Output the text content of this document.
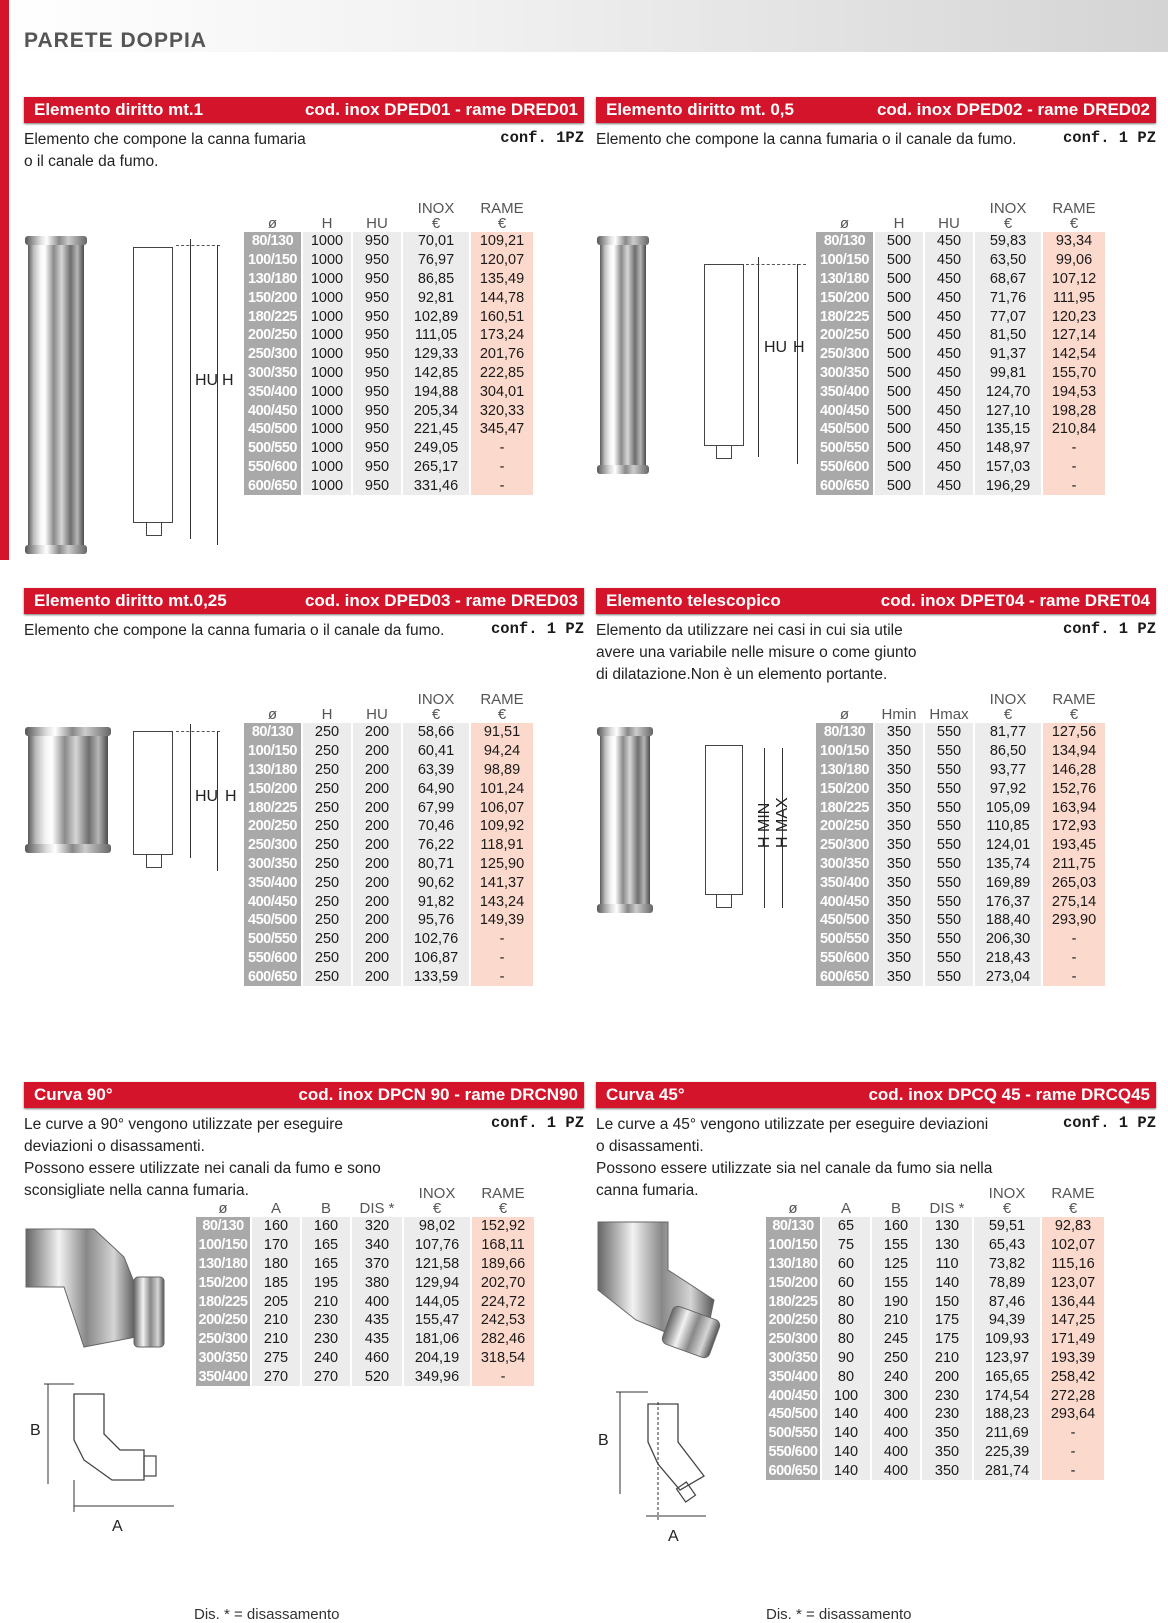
PARETE DOPPIA
Elemento diritto mt.1	cod. inox DPED01 - rame DRED01
Elemento che compone la canna fumaria
o il canale da fumo.
conf. 1PZ
HU H
ø	H	HU	INOX
€	RAME
€
80/130	1000	950	70,01	109,21
100/150	1000	950	76,97	120,07
130/180	1000	950	86,85	135,49
150/200	1000	950	92,81	144,78
180/225	1000	950	102,89	160,51
200/250	1000	950	111,05	173,24
250/300	1000	950	129,33	201,76
300/350	1000	950	142,85	222,85
350/400	1000	950	194,88	304,01
400/450	1000	950	205,34	320,33
450/500	1000	950	221,45	345,47
500/550	1000	950	249,05	-
550/600	1000	950	265,17	-
600/650	1000	950	331,46	-
Elemento diritto mt. 0,5	cod. inox DPED02 - rame DRED02
Elemento che compone la canna fumaria o il canale da fumo.	conf. 1 PZ
HU H
ø	H	HU	INOX
€	RAME
€
80/130	500	450	59,83	93,34
100/150	500	450	63,50	99,06
130/180	500	450	68,67	107,12
150/200	500	450	71,76	111,95
180/225	500	450	77,07	120,23
200/250	500	450	81,50	127,14
250/300	500	450	91,37	142,54
300/350	500	450	99,81	155,70
350/400	500	450	124,70	194,53
400/450	500	450	127,10	198,28
450/500	500	450	135,15	210,84
500/550	500	450	148,97	-
550/600	500	450	157,03	-
600/650	500	450	196,29	-
Elemento diritto mt.0,25	cod. inox DPED03 - rame DRED03
Elemento che compone la canna fumaria o il canale da fumo.	conf. 1 PZ
HU H
ø	H	HU	INOX
€	RAME
€
80/130	250	200	58,66	91,51
100/150	250	200	60,41	94,24
130/180	250	200	63,39	98,89
150/200	250	200	64,90	101,24
180/225	250	200	67,99	106,07
200/250	250	200	70,46	109,92
250/300	250	200	76,22	118,91
300/350	250	200	80,71	125,90
350/400	250	200	90,62	141,37
400/450	250	200	91,82	143,24
450/500	250	200	95,76	149,39
500/550	250	200	102,76	-
550/600	250	200	106,87	-
600/650	250	200	133,59	-
Elemento telescopico	cod. inox DPET04 - rame DRET04
Elemento da utilizzare nei casi in cui sia utile
avere una variabile nelle misure o come giunto
di dilatazione.Non è un elemento portante.
conf. 1 PZ
H MIN H MAX
ø	Hmin	Hmax	INOX
€	RAME
€
80/130	350	550	81,77	127,56
100/150	350	550	86,50	134,94
130/180	350	550	93,77	146,28
150/200	350	550	97,92	152,76
180/225	350	550	105,09	163,94
200/250	350	550	110,85	172,93
250/300	350	550	124,01	193,45
300/350	350	550	135,74	211,75
350/400	350	550	169,89	265,03
400/450	350	550	176,37	275,14
450/500	350	550	188,40	293,90
500/550	350	550	206,30	-
550/600	350	550	218,43	-
600/650	350	550	273,04	-
Curva 90°	cod. inox DPCN 90 - rame DRCN90
Le curve a 90° vengono utilizzate per eseguire
deviazioni o disassamenti.
Possono essere utilizzate nei canali da fumo e sono
sconsigliate nella canna fumaria.
conf. 1 PZ
B
A
ø	A	B	DIS *	INOX
€	RAME
€
80/130	160	160	320	98,02	152,92
100/150	170	165	340	107,76	168,11
130/180	180	165	370	121,58	189,66
150/200	185	195	380	129,94	202,70
180/225	205	210	400	144,05	224,72
200/250	210	230	435	155,47	242,53
250/300	210	230	435	181,06	282,46
300/350	275	240	460	204,19	318,54
350/400	270	270	520	349,96	-
Curva 45°	cod. inox DPCQ 45 - rame DRCQ45
Le curve a 45° vengono utilizzate per eseguire deviazioni
o disassamenti.
Possono essere utilizzate sia nel canale da fumo sia nella
canna fumaria.
conf. 1 PZ
B
A
ø	A	B	DIS *	INOX
€	RAME
€
80/130	65	160	130	59,51	92,83
100/150	75	155	130	65,43	102,07
130/180	60	125	110	73,82	115,16
150/200	60	155	140	78,89	123,07
180/225	80	190	150	87,46	136,44
200/250	80	210	175	94,39	147,25
250/300	80	245	175	109,93	171,49
300/350	90	250	210	123,97	193,39
350/400	80	240	200	165,65	258,42
400/450	100	300	230	174,54	272,28
450/500	140	400	230	188,23	293,64
500/550	140	400	350	211,69	-
550/600	140	400	350	225,39	-
600/650	140	400	350	281,74	-
Dis. * = disassamento	Dis. * = disassamento
